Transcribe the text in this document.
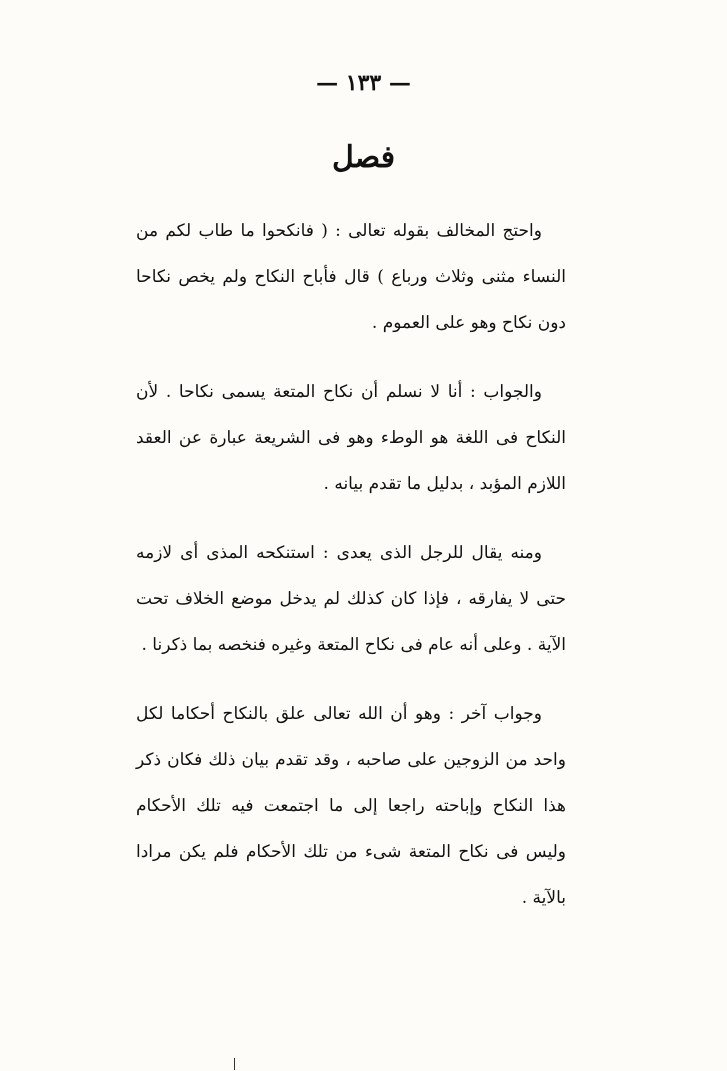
— ١٣٣ —
فصل

واحتج المخالف بقوله تعالى : ( فانكحوا ما طاب لكم من النساء مثنى وثلاث ورباع ) قال فأباح النكاح ولم يخص نكاحا دون نكاح وهو على العموم .

والجواب : أنا لا نسلم أن نكاح المتعة يسمى نكاحا . لأن النكاح فى اللغة هو الوطء وهو فى الشريعة عبارة عن العقد اللازم المؤبد ، بدليل ما تقدم بيانه .

ومنه يقال للرجل الذى يعدى : استنكحه المذى أى لازمه حتى لا يفارقه ، فإذا كان كذلك لم يدخل موضع الخلاف تحت الآية . وعلى أنه عام فى نكاح المتعة وغيره فنخصه بما ذكرنا .

وجواب آخر : وهو أن الله تعالى علق بالنكاح أحكاما لكل واحد من الزوجين على صاحبه ، وقد تقدم بيان ذلك فكان ذكر هذا النكاح وإباحته راجعا إلى ما اجتمعت فيه تلك الأحكام وليس فى نكاح المتعة شىء من تلك الأحكام فلم يكن مرادا بالآية .
